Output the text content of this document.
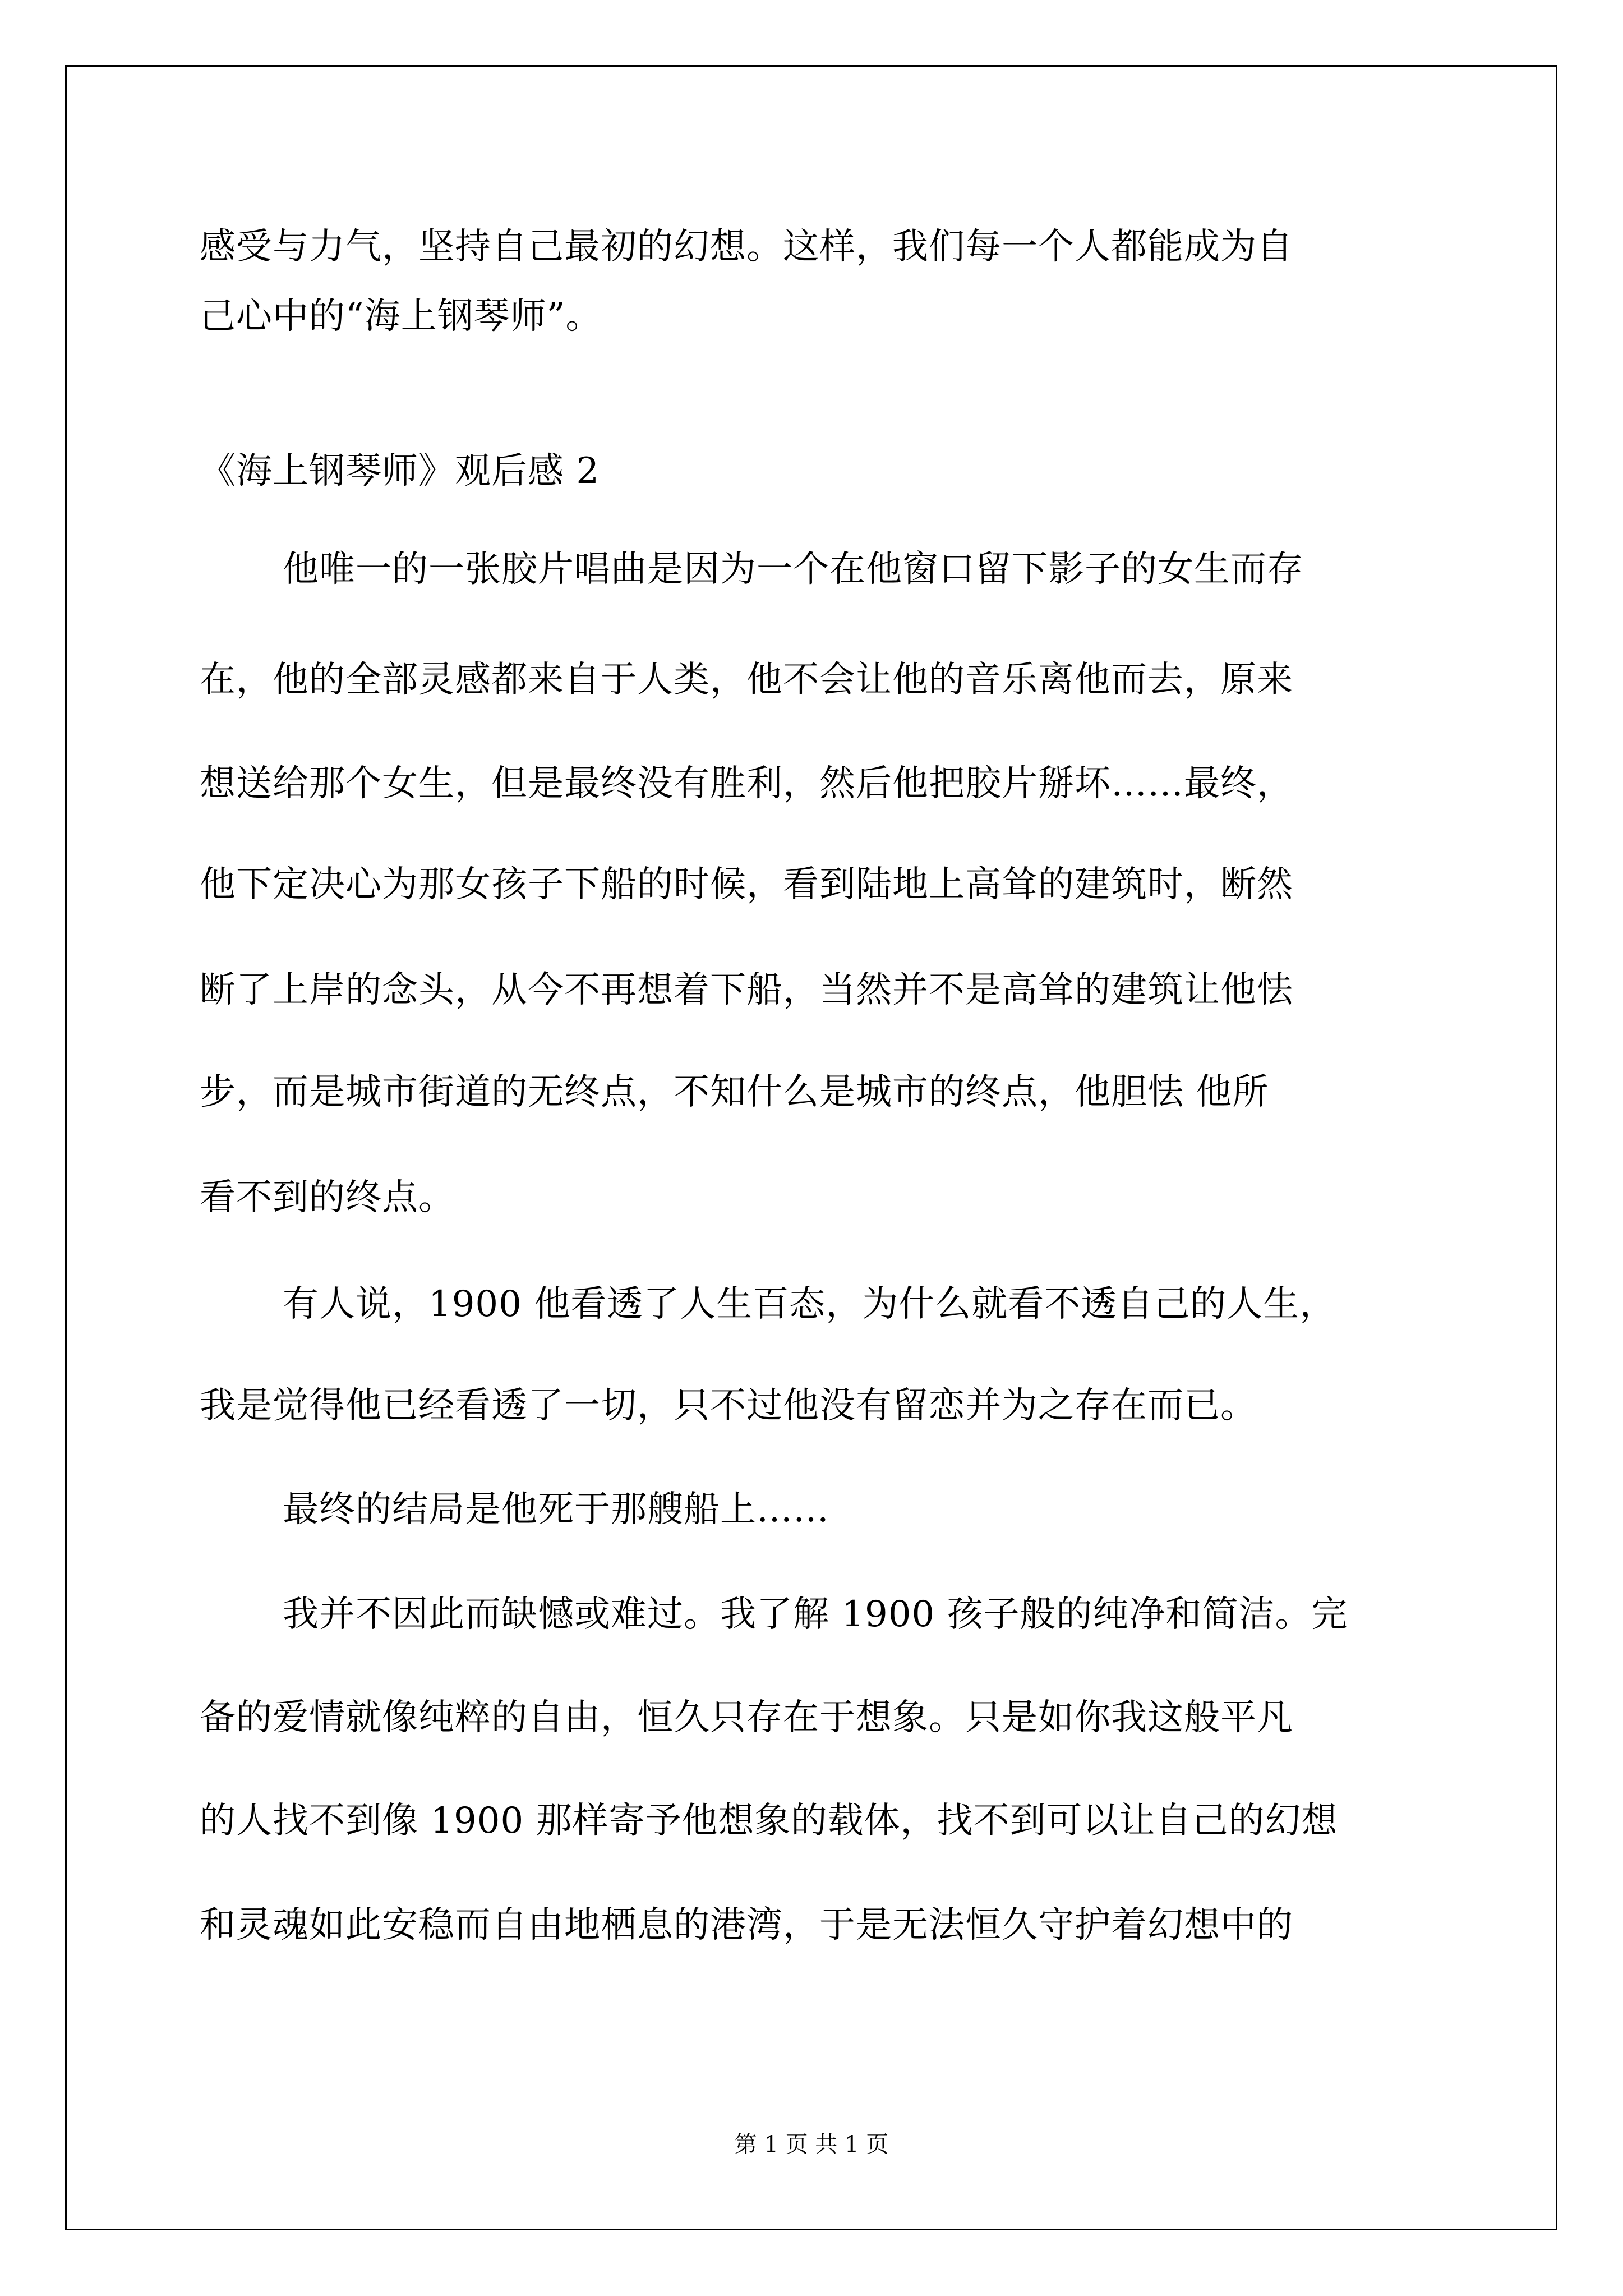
感受与力气，坚持自己最初的幻想。这样，我们每一个人都能成为自
己心中的“海上钢琴师”。
《海上钢琴师》观后感 2
他唯一的一张胶片唱曲是因为一个在他窗口留下影子的女生而存
在，他的全部灵感都来自于人类，他不会让他的音乐离他而去，原来
想送给那个女生，但是最终没有胜利，然后他把胶片掰坏……最终，
他下定决心为那女孩子下船的时候，看到陆地上高耸的建筑时，断然
断了上岸的念头，从今不再想着下船，当然并不是高耸的建筑让他怯
步，而是城市街道的无终点，不知什么是城市的终点，他胆怯 他所
看不到的终点。
有人说，1900 他看透了人生百态，为什么就看不透自己的人生，
我是觉得他已经看透了一切，只不过他没有留恋并为之存在而已。
最终的结局是他死于那艘船上……
我并不因此而缺憾或难过。我了解 1900 孩子般的纯净和简洁。完
备的爱情就像纯粹的自由，恒久只存在于想象。只是如你我这般平凡
的人找不到像 1900 那样寄予他想象的载体，找不到可以让自己的幻想
和灵魂如此安稳而自由地栖息的港湾，于是无法恒久守护着幻想中的
第 1 页 共 1 页
